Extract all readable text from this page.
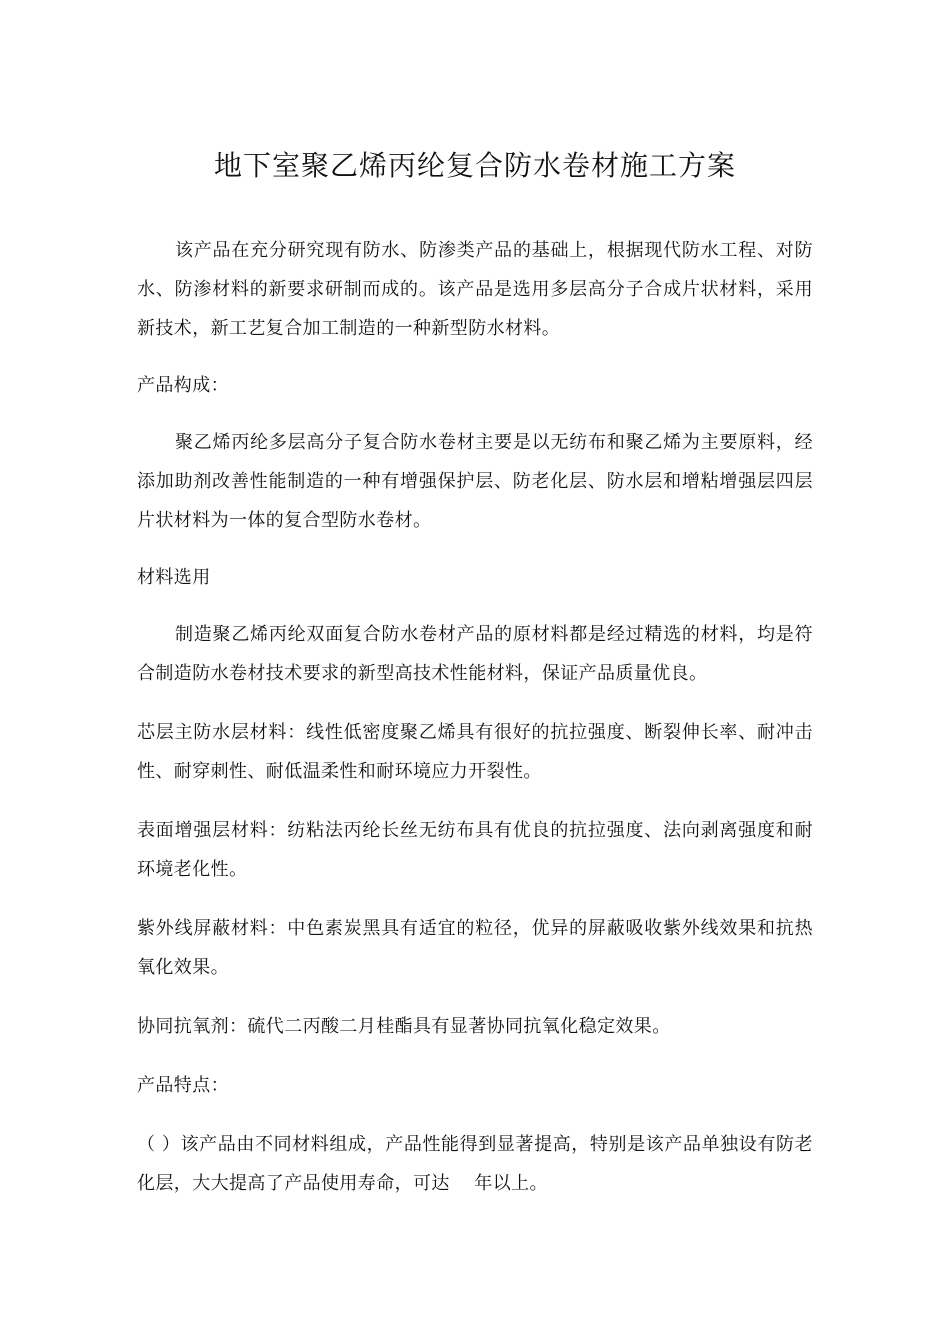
地下室聚乙烯丙纶复合防水卷材施工方案

该产品在充分研究现有防水、防渗类产品的基础上，根据现代防水工程、对防水、防渗材料的新要求研制而成的。该产品是选用多层高分子合成片状材料，采用新技术，新工艺复合加工制造的一种新型防水材料。

产品构成：

聚乙烯丙纶多层高分子复合防水卷材主要是以无纺布和聚乙烯为主要原料，经添加助剂改善性能制造的一种有增强保护层、防老化层、防水层和增粘增强层四层片状材料为一体的复合型防水卷材。

材料选用

制造聚乙烯丙纶双面复合防水卷材产品的原材料都是经过精选的材料，均是符合制造防水卷材技术要求的新型高技术性能材料，保证产品质量优良。

芯层主防水层材料：线性低密度聚乙烯具有很好的抗拉强度、断裂伸长率、耐冲击性、耐穿刺性、耐低温柔性和耐环境应力开裂性。

表面增强层材料：纺粘法丙纶长丝无纺布具有优良的抗拉强度、法向剥离强度和耐环境老化性。

紫外线屏蔽材料：中色素炭黑具有适宜的粒径，优异的屏蔽吸收紫外线效果和抗热氧化效果。

协同抗氧剂：硫代二丙酸二月桂酯具有显著协同抗氧化稳定效果。

产品特点：

（ ）该产品由不同材料组成，产品性能得到显著提高，特别是该产品单独设有防老化层，大大提高了产品使用寿命，可达　 年以上。
